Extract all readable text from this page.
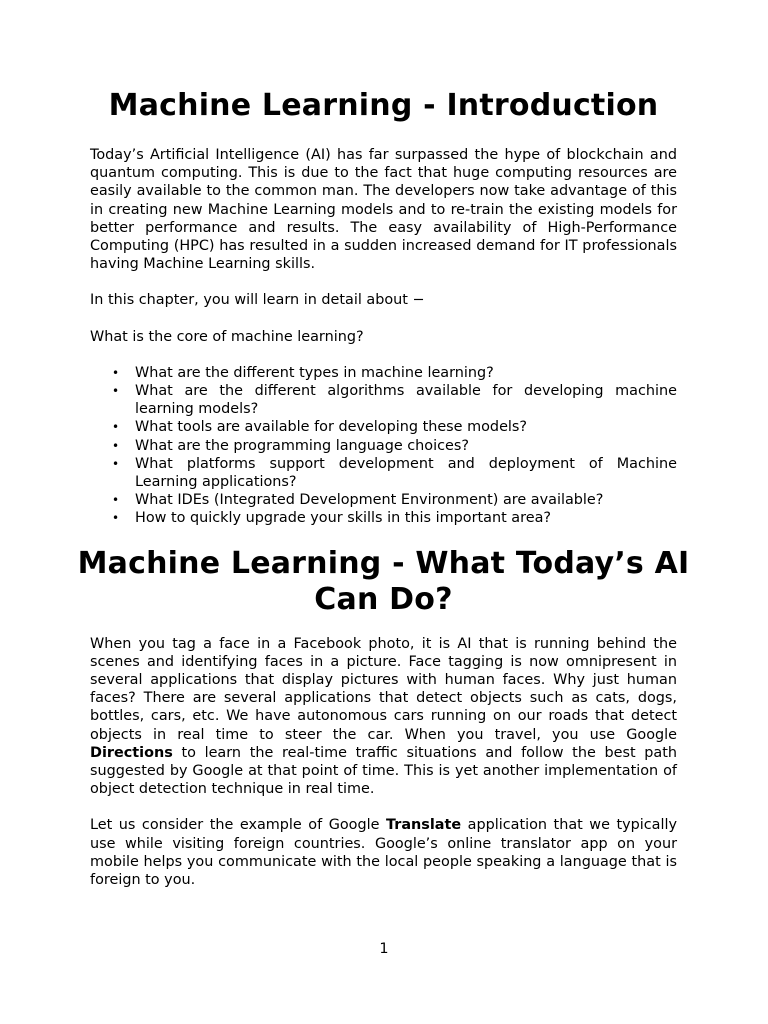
Machine Learning - Introduction

Today’s Artificial Intelligence (AI) has far surpassed the hype of blockchain and quantum computing. This is due to the fact that huge computing resources are easily available to the common man. The developers now take advantage of this in creating new Machine Learning models and to re-train the existing models for better performance and results. The easy availability of High-Performance Computing (HPC) has resulted in a sudden increased demand for IT professionals having Machine Learning skills.

In this chapter, you will learn in detail about −

What is the core of machine learning?

• What are the different types in machine learning?
• What are the different algorithms available for developing machine learning models?
• What tools are available for developing these models?
• What are the programming language choices?
• What platforms support development and deployment of Machine Learning applications?
• What IDEs (Integrated Development Environment) are available?
• How to quickly upgrade your skills in this important area?
Machine Learning - What Today’s AI Can Do?

When you tag a face in a Facebook photo, it is AI that is running behind the scenes and identifying faces in a picture. Face tagging is now omnipresent in several applications that display pictures with human faces. Why just human faces? There are several applications that detect objects such as cats, dogs, bottles, cars, etc. We have autonomous cars running on our roads that detect objects in real time to steer the car. When you travel, you use Google Directions to learn the real-time traffic situations and follow the best path suggested by Google at that point of time. This is yet another implementation of object detection technique in real time.

Let us consider the example of Google Translate application that we typically use while visiting foreign countries. Google’s online translator app on your mobile helps you communicate with the local people speaking a language that is foreign to you.

1
